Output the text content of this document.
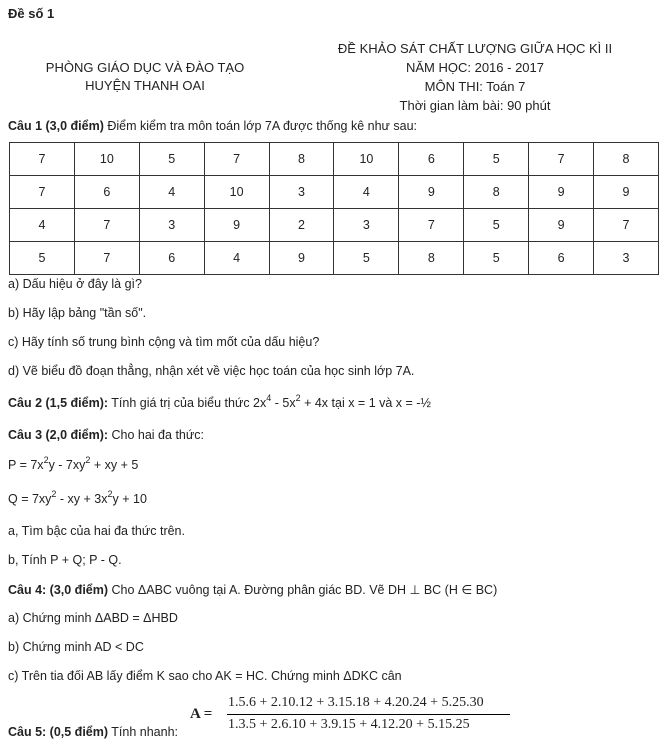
Đề số 1
PHÒNG GIÁO DỤC VÀ ĐÀO TẠO
HUYỆN THANH OAI
ĐỀ KHẢO SÁT CHẤT LƯỢNG GIỮA HỌC KÌ II
NĂM HỌC: 2016 - 2017
MÔN THI: Toán 7
Thời gian làm bài: 90 phút
Câu 1 (3,0 điểm) Điểm kiểm tra môn toán lớp 7A được thống kê như sau:
7	10	5	7	8	10	6	5	7	8
7	6	4	10	3	4	9	8	9	9
4	7	3	9	2	3	7	5	9	7
5	7	6	4	9	5	8	5	6	3
a) Dấu hiệu ở đây là gì?
b) Hãy lập bảng "tần số".
c) Hãy tính số trung bình cộng và tìm mốt của dấu hiệu?
d) Vẽ biểu đồ đoạn thẳng, nhận xét về việc học toán của học sinh lớp 7A.
Câu 2 (1,5 điểm): Tính giá trị của biểu thức $2x^4 - 5x^2 + 4x$ tại x = 1 và x = -½
Câu 3 (2,0 điểm): Cho hai đa thức:
$P = 7x^2y - 7xy^2$ + xy + 5
$Q = 7xy^2$ - xy + $3x^2y + 10$
a, Tìm bậc của hai đa thức trên.
b, Tính P + Q; P - Q.
Câu 4: (3,0 điểm) Cho ΔABC vuông tại A. Đường phân giác BD. Vẽ DH ⊥ BC (H ∈ BC)
a) Chứng minh ΔABD = ΔHBD
b) Chứng minh AD < DC
c) Trên tia đối AB lấy điểm K sao cho AK = HC. Chứng minh ΔDKC cân
Câu 5: (0,5 điểm) Tính nhanh:
A =
1.5.6 + 2.10.12 + 3.15.18 + 4.20.24 + 5.25.30
1.3.5 + 2.6.10 + 3.9.15 + 4.12.20 + 5.15.25
